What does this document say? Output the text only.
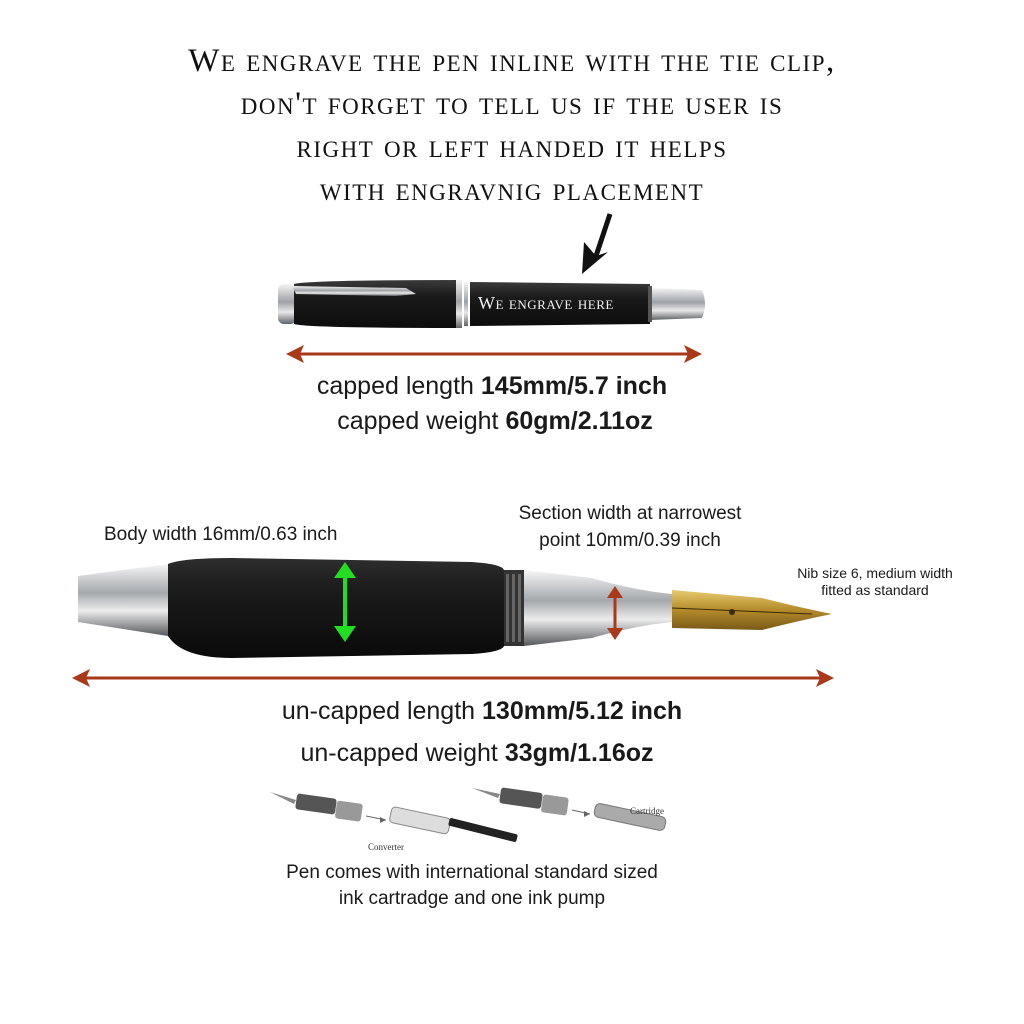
We engrave the pen inline with the tie clip,
don't forget to tell us if the user is
right or left handed it helps
with engravnig placement
We engrave here
capped length 145mm/5.7 inch
capped weight 60gm/2.11oz
Body width 16mm/0.63 inch
Section width at narrowest
point 10mm/0.39 inch
Nib size 6, medium width
fitted as standard
un-capped length 130mm/5.12 inch
un-capped weight 33gm/1.16oz
Converter
Cartridge
Pen comes with international standard sized
ink cartradge and one ink pump
